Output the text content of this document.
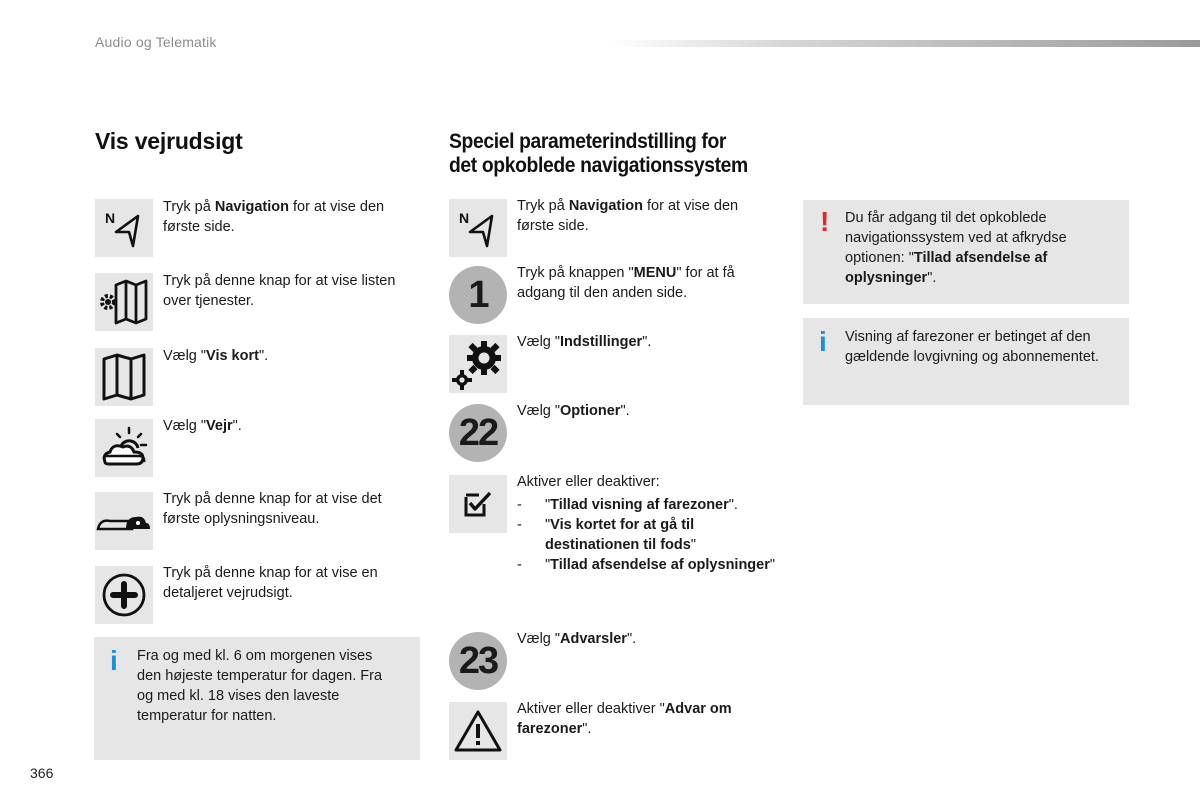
Audio og Telematik
Vis vejrudsigt
N
Tryk på Navigation for at vise den første side.
Tryk på denne knap for at vise listen over tjenester.
Vælg "Vis kort".
Vælg "Vejr".
Tryk på denne knap for at vise det første oplysningsniveau.
Tryk på denne knap for at vise en detaljeret vejrudsigt.
i Fra og med kl. 6 om morgenen vises den højeste temperatur for dagen. Fra og med kl. 18 vises den laveste temperatur for natten.
Speciel parameterindstilling for
det opkoblede navigationssystem
N
Tryk på Navigation for at vise den første side.
1
Tryk på knappen "MENU" for at få adgang til den anden side.
Vælg "Indstillinger".
22
Vælg "Optioner".
Aktiver eller deaktiver:
- "Tillad visning af farezoner".
- "Vis kortet for at gå til destinationen til fods"
- "Tillad afsendelse af oplysninger"
23
Vælg "Advarsler".
Aktiver eller deaktiver "Advar om farezoner".
! Du får adgang til det opkoblede navigationssystem ved at afkrydse optionen: "Tillad afsendelse af oplysninger".
i Visning af farezoner er betinget af den gældende lovgivning og abonnementet.
366
